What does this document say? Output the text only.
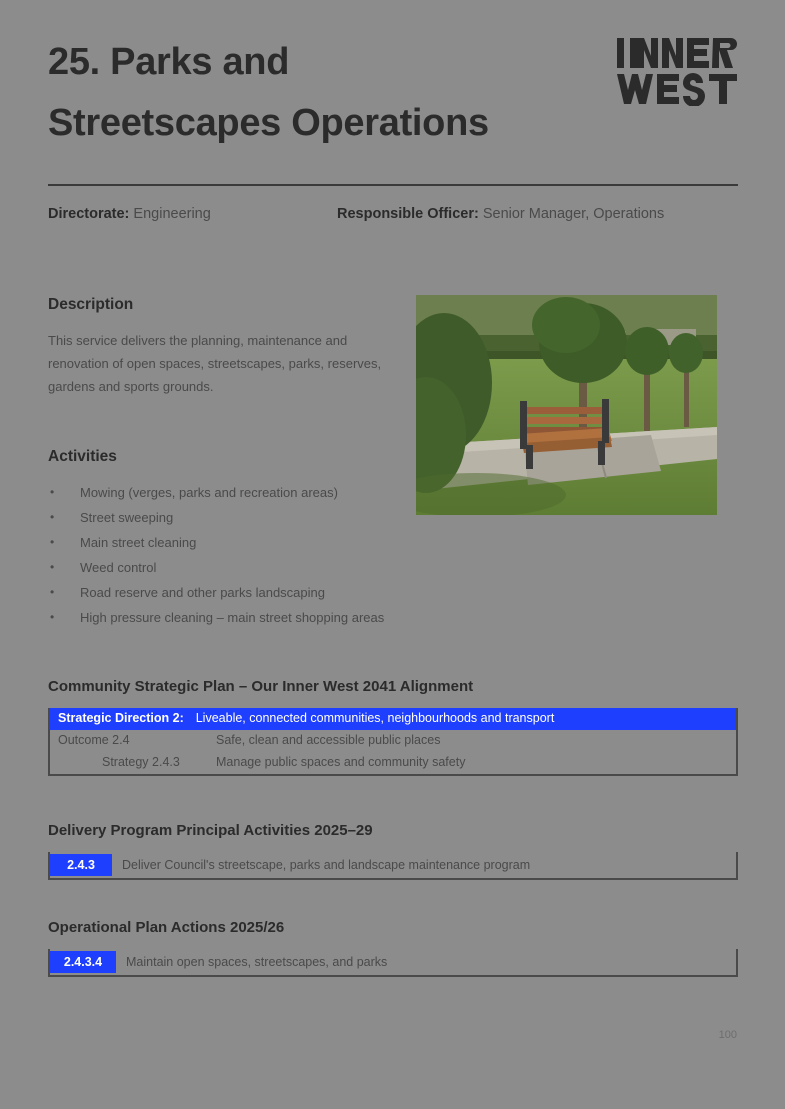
25. Parks and
Streetscapes Operations
Directorate: Engineering	Responsible Officer: Senior Manager, Operations
Description
This service delivers the planning, maintenance and renovation of open spaces, streetscapes, parks, reserves, gardens and sports grounds.
Activities
• Mowing (verges, parks and recreation areas)
• Street sweeping
• Main street cleaning
• Weed control
• Road reserve and other parks landscaping
• High pressure cleaning – main street shopping areas
Community Strategic Plan – Our Inner West 2041 Alignment
Strategic Direction 2: Liveable, connected communities, neighbourhoods and transport
Outcome 2.4	Safe, clean and accessible public places
Strategy 2.4.3	Manage public spaces and community safety
Delivery Program Principal Activities 2025–29
2.4.3	Deliver Council's streetscape, parks and landscape maintenance program
Operational Plan Actions 2025/26
2.4.3.4	Maintain open spaces, streetscapes, and parks
100
